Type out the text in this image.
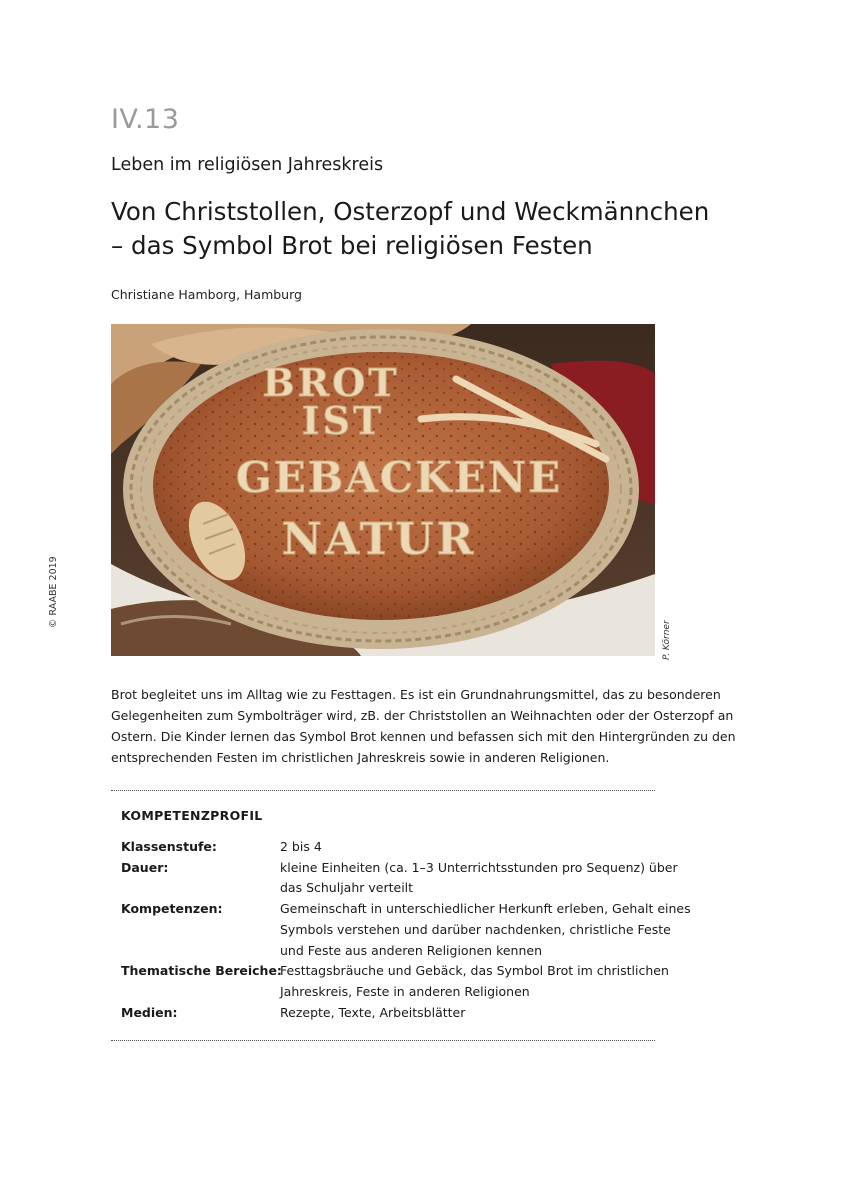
IV.13
Leben im religiösen Jahreskreis
Von Christstollen, Osterzopf und Weckmännchen
– das Symbol Brot bei religiösen Festen
Christiane Hamborg, Hamburg
© RAABE 2019
BROT
IST
GEBACKENE
NATUR
P. Körner
Brot begleitet uns im Alltag wie zu Festtagen. Es ist ein Grundnahrungsmittel, das zu besonderen
Gelegenheiten zum Symbolträger wird, zB. der Christstollen an Weihnachten oder der Osterzopf an
Ostern. Die Kinder lernen das Symbol Brot kennen und befassen sich mit den Hintergründen zu den
entsprechenden Festen im christlichen Jahreskreis sowie in anderen Religionen.
KOMPETENZPROFIL
Klassenstufe:	2 bis 4
Dauer:	kleine Einheiten (ca. 1–3 Unterrichtsstunden pro Sequenz) über
das Schuljahr verteilt
Kompetenzen:	Gemeinschaft in unterschiedlicher Herkunft erleben, Gehalt eines
Symbols verstehen und darüber nachdenken, christliche Feste
und Feste aus anderen Religionen kennen
Thematische Bereiche:
Festtagsbräuche und Gebäck, das Symbol Brot im christlichen
Jahreskreis, Feste in anderen Religionen
Medien:	Rezepte, Texte, Arbeitsblätter
